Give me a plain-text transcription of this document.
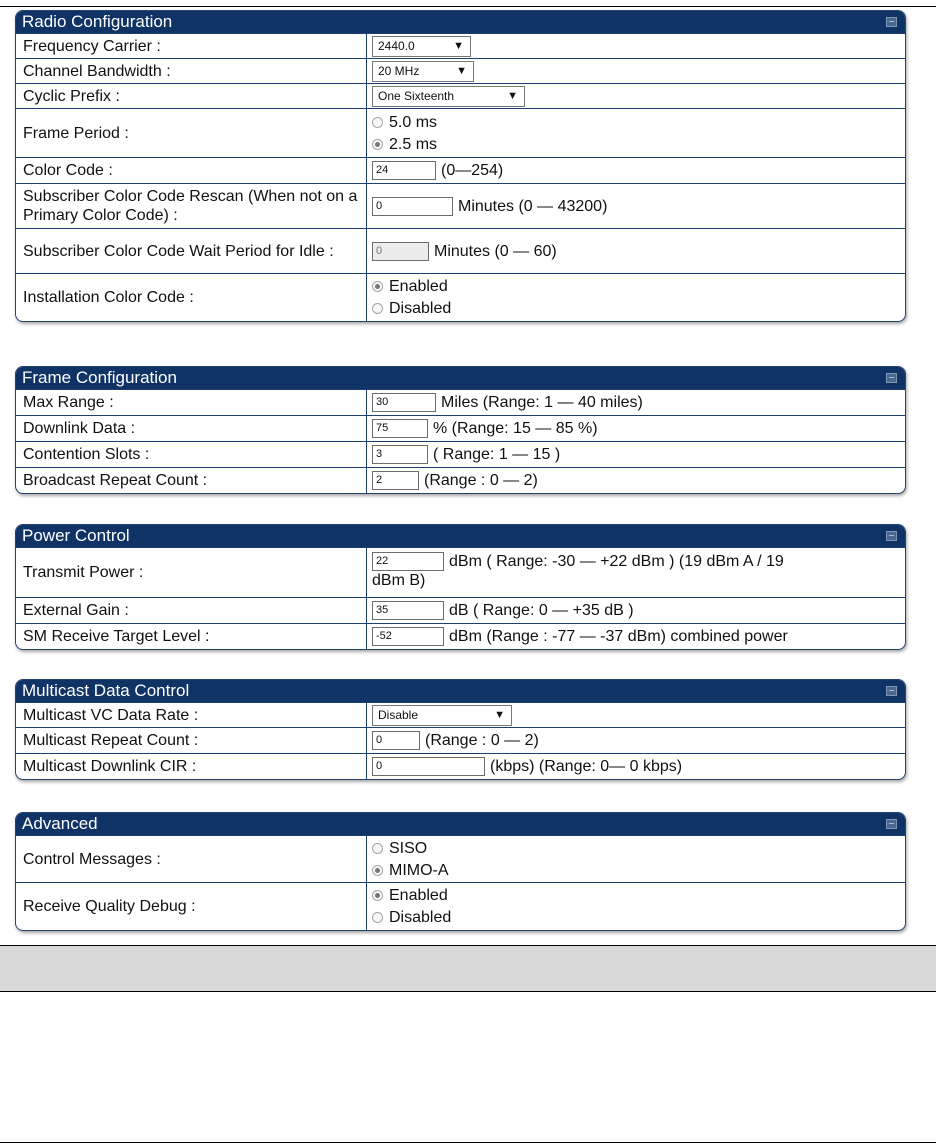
Radio Configuration
Frequency Carrier :	2440.0	▼
Channel Bandwidth :	20 MHz	▼
Cyclic Prefix :	One Sixteenth	▼
Frame Period :
5.0 ms
2.5 ms
Color Code :	24	(0—254)
Subscriber Color Code Rescan (When not on a Primary Color Code) :
0	Minutes (0 — 43200)
Subscriber Color Code Wait Period for Idle :	0	Minutes (0 — 60)
Installation Color Code :
Enabled
Disabled
Frame Configuration
Max Range :	30	Miles (Range: 1 — 40 miles)
Downlink Data :	75	% (Range: 15 — 85 %)
Contention Slots :	3	( Range: 1 — 15 )
Broadcast Repeat Count :	2	(Range : 0 — 2)
Power Control
Transmit Power :
22	dBm ( Range: -30 — +22 dBm ) (19 dBm A / 19
dBm B)
External Gain :	35	dB ( Range: 0 — +35 dB )
SM Receive Target Level :	-52	dBm (Range : -77 — -37 dBm) combined power
Multicast Data Control
Multicast VC Data Rate :	Disable	▼
Multicast Repeat Count :	0	(Range : 0 — 2)
Multicast Downlink CIR :	0	(kbps) (Range: 0— 0 kbps)
Advanced
Control Messages :
SISO
MIMO-A
Receive Quality Debug :
Enabled
Disabled
